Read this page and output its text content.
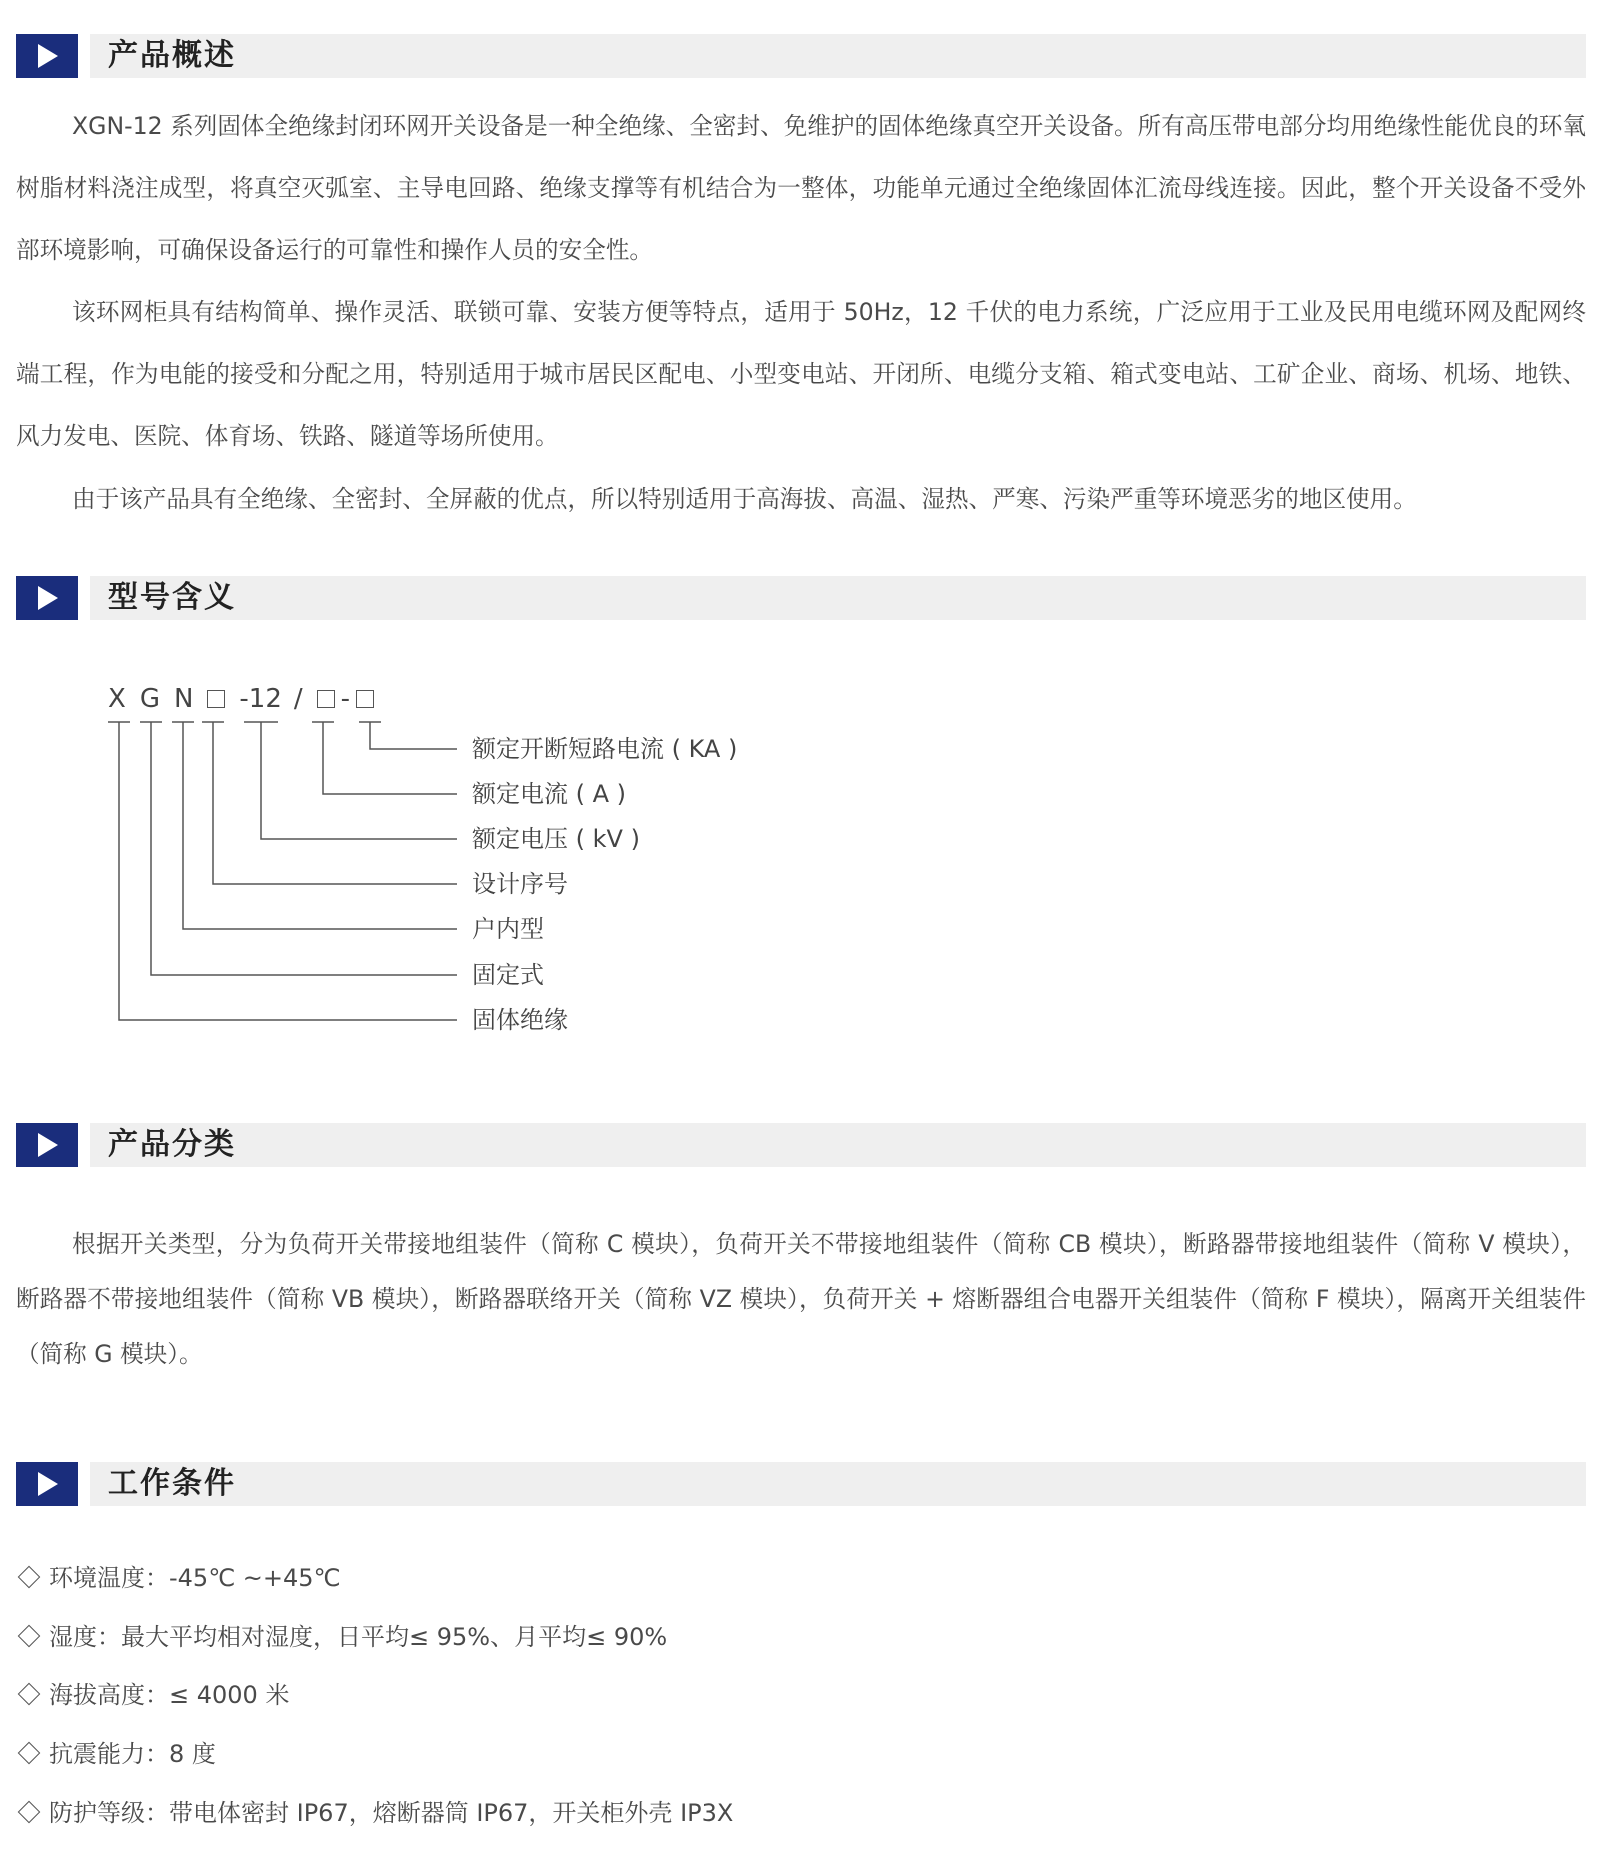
产品概述

XGN-12 系列固体全绝缘封闭环网开关设备是一种全绝缘、全密封、免维护的固体绝缘真空开关设备。所有高压带电部分均用绝缘性能优良的环氧树脂材料浇注成型，将真空灭弧室、主导电回路、绝缘支撑等有机结合为一整体，功能单元通过全绝缘固体汇流母线连接。因此，整个开关设备不受外部环境影响，可确保设备运行的可靠性和操作人员的安全性。

该环网柜具有结构简单、操作灵活、联锁可靠、安装方便等特点，适用于 50Hz，12 千伏的电力系统，广泛应用于工业及民用电缆环网及配网终端工程，作为电能的接受和分配之用，特别适用于城市居民区配电、小型变电站、开闭所、电缆分支箱、箱式变电站、工矿企业、商场、机场、地铁、风力发电、医院、体育场、铁路、隧道等场所使用。

由于该产品具有全绝缘、全密封、全屏蔽的优点，所以特别适用于高海拔、高温、湿热、严寒、污染严重等环境恶劣的地区使用。

型号含义
X G N -12 / -
额定开断短路电流 ( KA )
额定电流 ( A )
额定电压 ( kV )
设计序号
户内型
固定式
固体绝缘
产品分类

根据开关类型，分为负荷开关带接地组装件（简称 C 模块），负荷开关不带接地组装件（简称 CB 模块），断路器带接地组装件（简称 V 模块），断路器不带接地组装件（简称 VB 模块），断路器联络开关（简称 VZ 模块），负荷开关 + 熔断器组合电器开关组装件（简称 F 模块），隔离开关组装件（简称 G 模块）。

工作条件
环境温度：-45℃ ~+45℃
湿度：最大平均相对湿度，日平均≤ 95%、月平均≤ 90%
海拔高度：≤ 4000 米
抗震能力：8 度
防护等级：带电体密封 IP67，熔断器筒 IP67，开关柜外壳 IP3X
